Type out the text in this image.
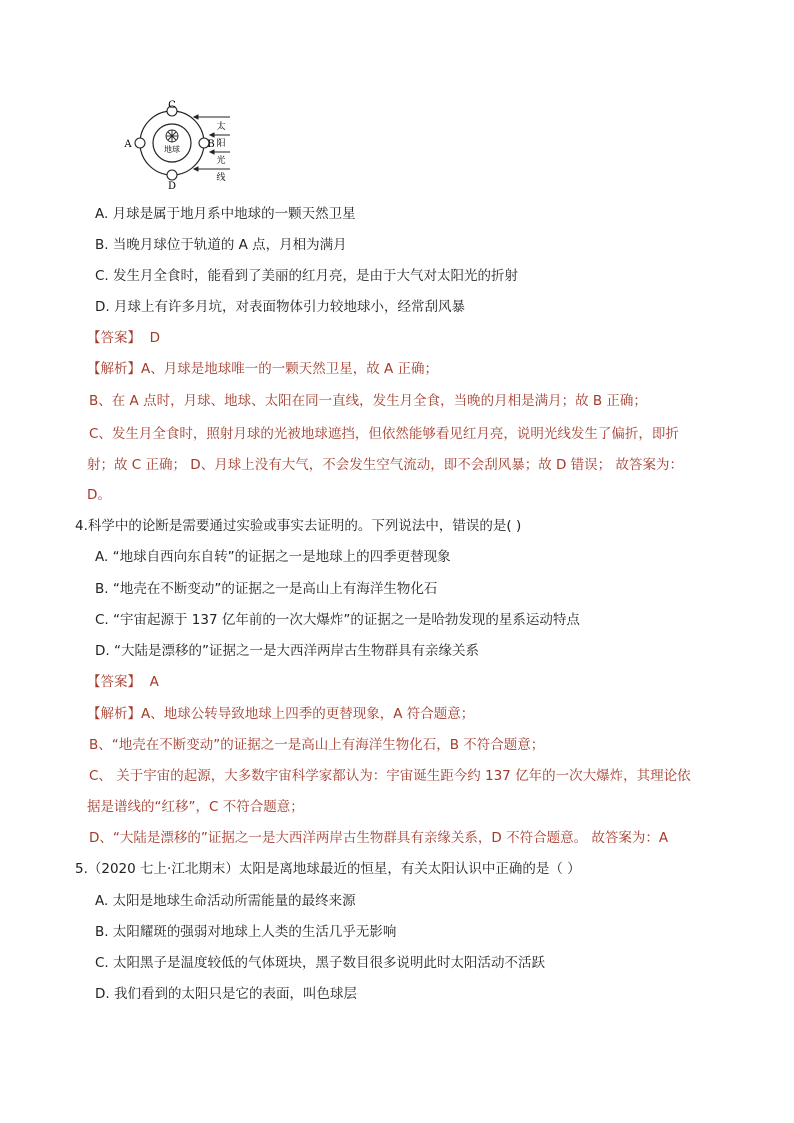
地球
C
A	B
D
太
阳
光
线
A. 月球是属于地月系中地球的一颗天然卫星
B. 当晚月球位于轨道的 A 点，月相为满月
C. 发生月全食时，能看到了美丽的红月亮，是由于大气对太阳光的折射
D. 月球上有许多月坑，对表面物体引力较地球小，经常刮风暴
【答案】 D
【解析】A、月球是地球唯一的一颗天然卫星，故 A 正确；
B、在 A 点时，月球、地球、太阳在同一直线，发生月全食，当晚的月相是满月；故 B 正确；
C、发生月全食时，照射月球的光被地球遮挡，但依然能够看见红月亮，说明光线发生了偏折，即折
射；故 C 正确； D、月球上没有大气，不会发生空气流动，即不会刮风暴；故 D 错误； 故答案为：
D。
4.科学中的论断是需要通过实验或事实去证明的。下列说法中，错误的是( )
A. “地球自西向东自转”的证据之一是地球上的四季更替现象
B. “地壳在不断变动”的证据之一是高山上有海洋生物化石
C. “宇宙起源于 137 亿年前的一次大爆炸”的证据之一是哈勃发现的星系运动特点
D. “大陆是漂移的”证据之一是大西洋两岸古生物群具有亲缘关系
【答案】 A
【解析】A、地球公转导致地球上四季的更替现象，A 符合题意；
B、“地壳在不断变动”的证据之一是高山上有海洋生物化石，B 不符合题意；
C、 关于宇宙的起源，大多数宇宙科学家都认为：宇宙诞生距今约 137 亿年的一次大爆炸，其理论依
据是谱线的“红移”，C 不符合题意；
D、“大陆是漂移的”证据之一是大西洋两岸古生物群具有亲缘关系，D 不符合题意。 故答案为：A
5.（2020 七上·江北期末）太阳是离地球最近的恒星，有关太阳认识中正确的是（ ）
A. 太阳是地球生命活动所需能量的最终来源
B. 太阳耀斑的强弱对地球上人类的生活几乎无影响
C. 太阳黑子是温度较低的气体斑块，黑子数目很多说明此时太阳活动不活跃
D. 我们看到的太阳只是它的表面，叫色球层
